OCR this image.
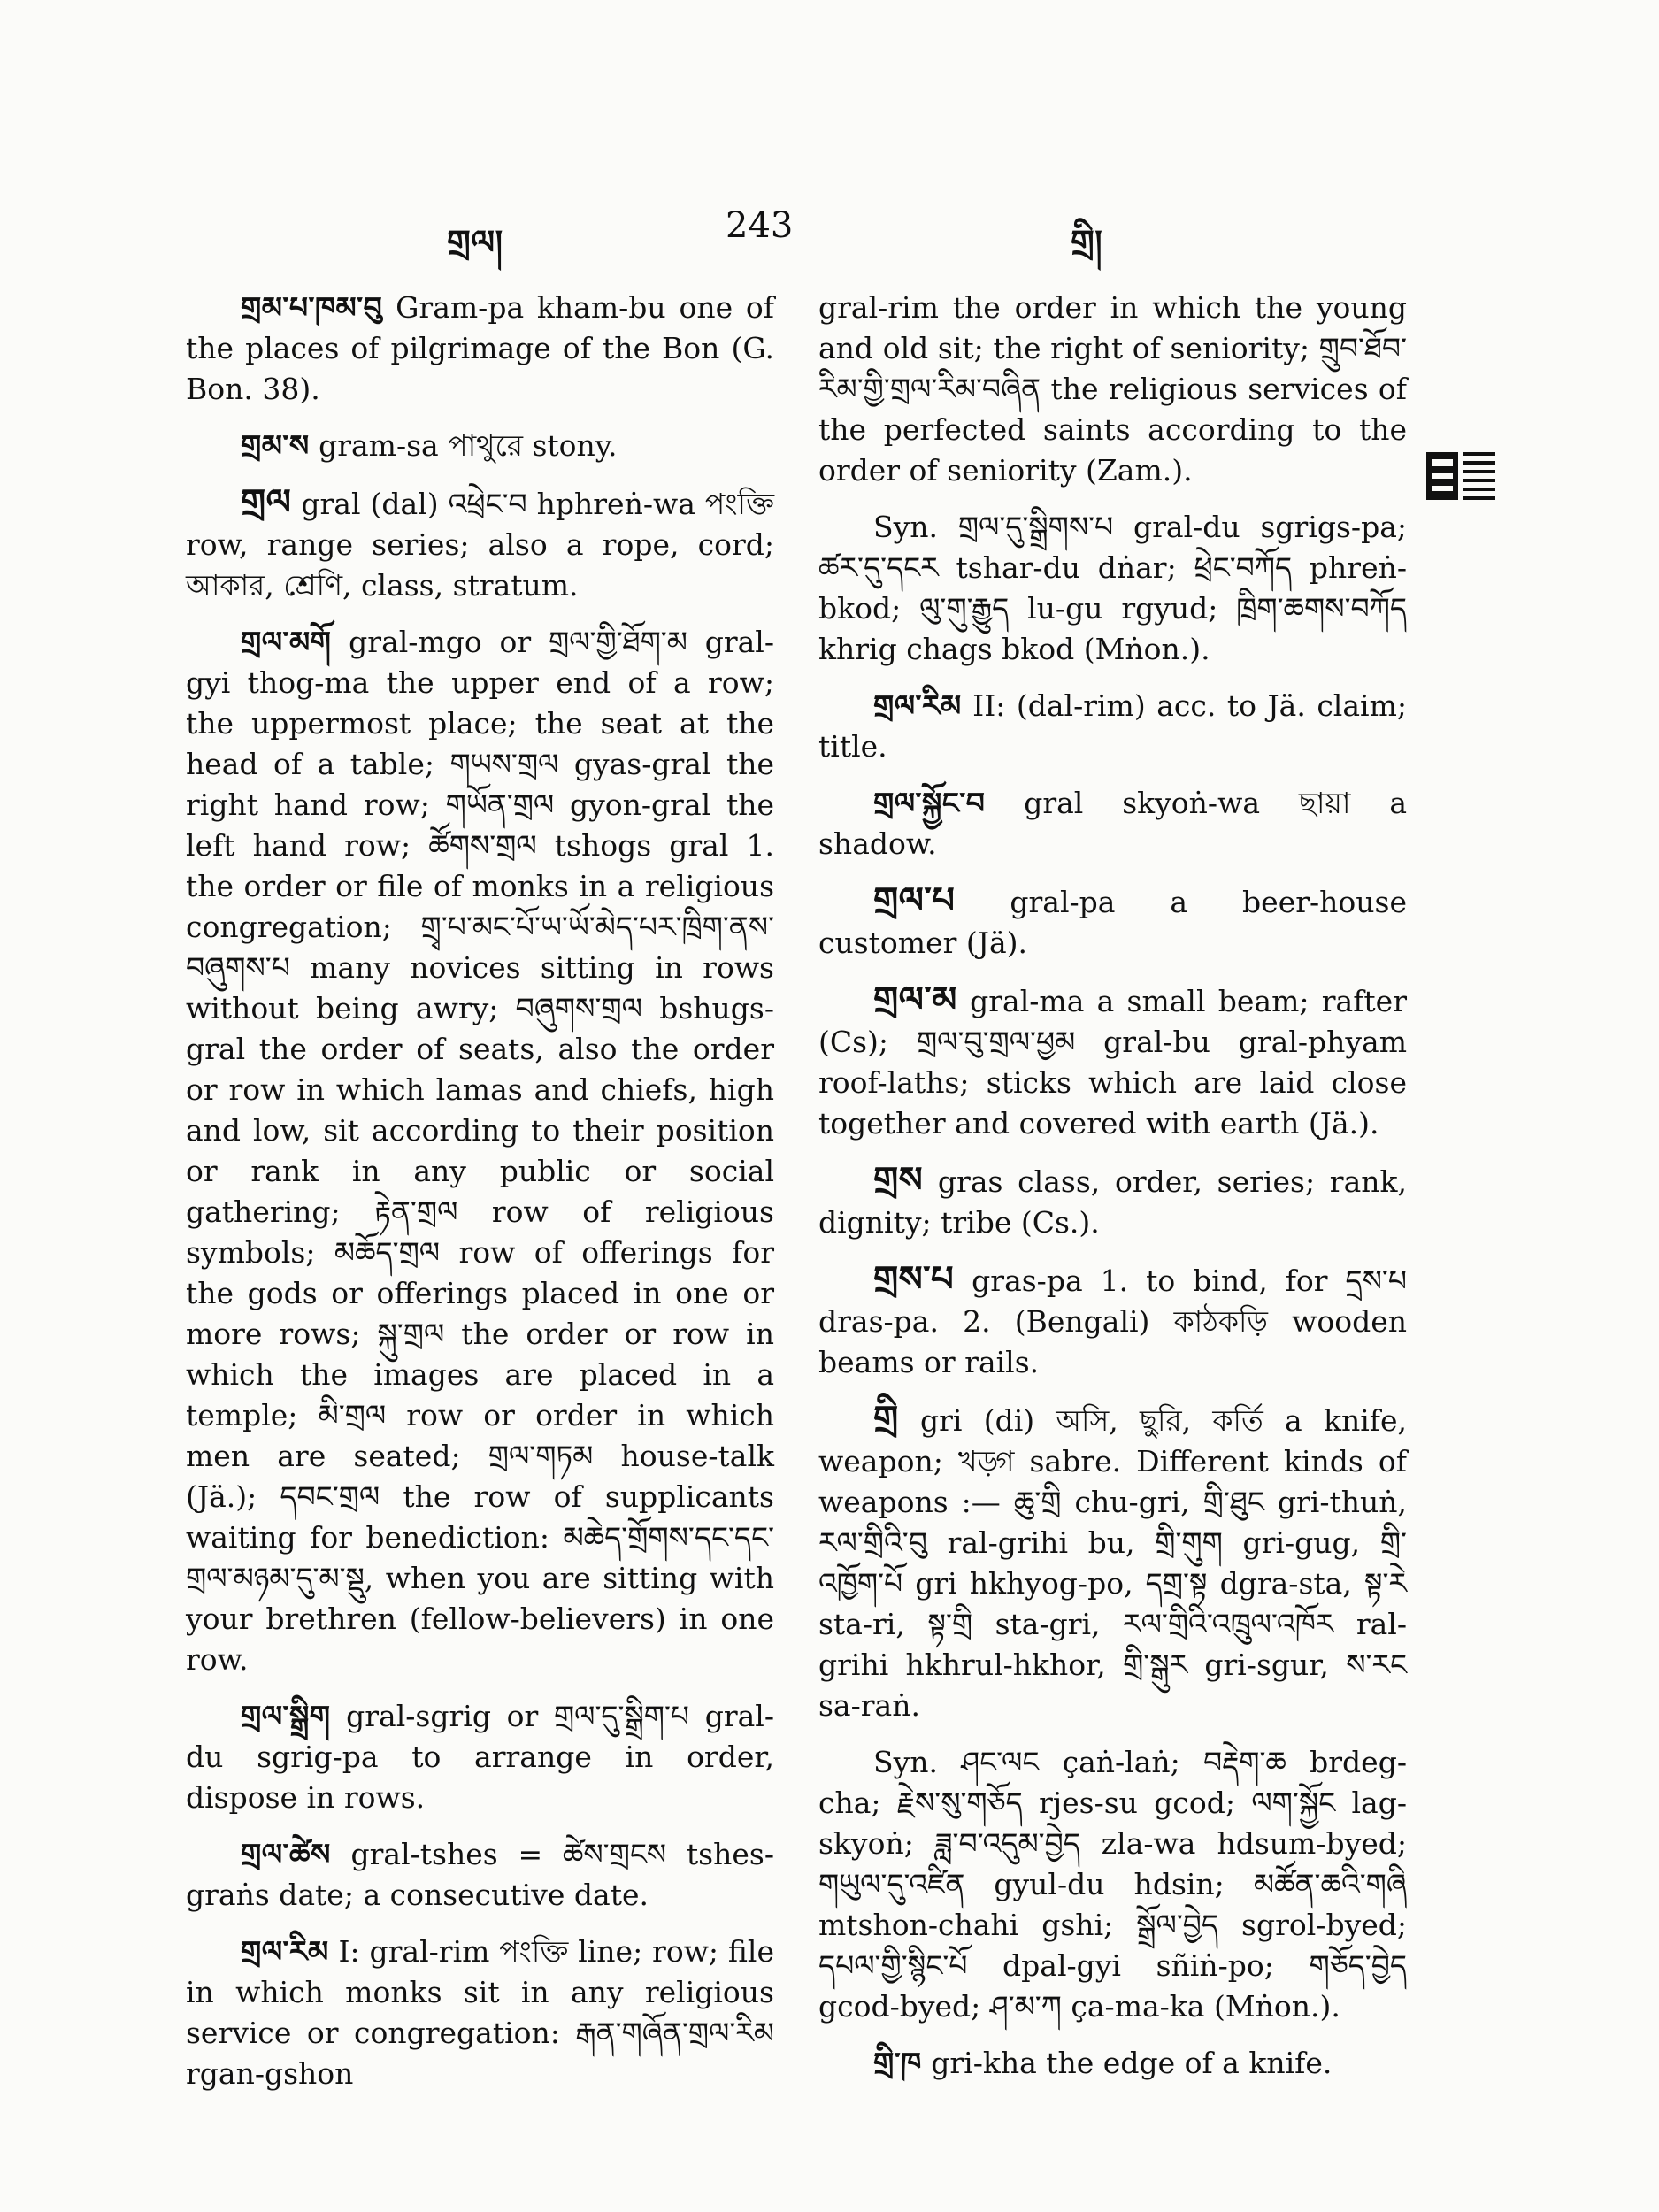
གྲལ།	243	གྲི།

གྲམ་པ་ཁམ་བུ Gram-pa kham-bu one of the places of pilgrimage of the Bon (G. Bon. 38).

གྲམ་ས gram-sa পাথুরে stony.

གྲལ gral (dal) འཕྲེང་བ hphreṅ-wa পংক্তি row, range series; also a rope, cord; আকার, শ্রেণি, class, stratum.

གྲལ་མགོ gral-mgo or གྲལ་གྱི་ཐོག་མ gral-gyi thog-ma the upper end of a row; the uppermost place; the seat at the head of a table; གཡས་གྲལ gyas-gral the right hand row; གཡོན་གྲལ gyon-gral the left hand row; ཚོགས་གྲལ tshogs gral 1. the order or file of monks in a religious congregation; གྲྭ་པ་མང་པོ་ཡ་ཡོ་མེད་པར་ཁྲིག་ནས་བཞུགས་པ many novices sitting in rows without being awry; བཞུགས་གྲལ bshugs-gral the order of seats, also the order or row in which lamas and chiefs, high and low, sit according to their position or rank in any public or social gathering; རྟེན་གྲལ row of religious symbols; མཆོད་གྲལ row of offerings for the gods or offerings placed in one or more rows; སྐུ་གྲལ the order or row in which the images are placed in a temple; མི་གྲལ row or order in which men are seated; གྲལ་གཏམ house-talk (Jä.); དབང་གྲལ the row of supplicants waiting for benediction: མཆེད་གྲོགས་དང་དང་གྲལ་མཉམ་དུ་མ་སྡུ, when you are sitting with your brethren (fellow-believers) in one row.

གྲལ་སྒྲིག gral-sgrig or གྲལ་དུ་སྒྲིག་པ gral-du sgrig-pa to arrange in order, dispose in rows.

གྲལ་ཚེས gral-tshes = ཚེས་གྲངས tshes-graṅs date; a consecutive date.

གྲལ་རིམ I: gral-rim পংক্তি line; row; file in which monks sit in any religious service or congregation: རྒན་གཞོན་གྲལ་རིམ rgan-gshon

gral-rim the order in which the young and old sit; the right of seniority; གྲུབ་ཐོབ་རིམ་གྱི་གྲལ་རིམ་བཞིན the religious services of the perfected saints according to the order of seniority (Zam.).

Syn. གྲལ་དུ་སྒྲིགས་པ gral-du sgrigs-pa; ཚར་དུ་དངར tshar-du dṅar; ཕྲེང་བཀོད phreṅ-bkod; ལུ་གུ་རྒྱུད lu-gu rgyud; ཁྲིག་ཆགས་བཀོད khrig chags bkod (Mṅon.).

གྲལ་རིམ II: (dal-rim) acc. to Jä. claim; title.

གྲལ་སྐྱོང་བ gral skyoṅ-wa ছায়া a shadow.

གྲལ་པ gral-pa a beer-house customer (Jä).

གྲལ་མ gral-ma a small beam; rafter (Cs); གྲལ་བུ་གྲལ་ཕྱམ gral-bu gral-phyam roof-laths; sticks which are laid close together and covered with earth (Jä.).

གྲས gras class, order, series; rank, dignity; tribe (Cs.).

གྲས་པ gras-pa 1. to bind, for དྲས་པ dras-pa. 2. (Bengali) কাঠকড়ি wooden beams or rails.

གྲི gri (di) অসি, ছুরি, কর্তি a knife, weapon; খড়্গ sabre. Different kinds of weapons :— ཆུ་གྲི chu-gri, གྲི་ཐུང gri-thuṅ, རལ་གྲིའི་བུ ral-grihi bu, གྲི་གུག gri-gug, གྲི་འཁྱོག་པོ gri hkhyog-po, དགྲ་སྟ dgra-sta, སྟ་རེ sta-ri, སྟ་གྲི sta-gri, རལ་གྲིའི་འཁྲུལ་འཁོར ral-grihi hkhrul-hkhor, གྲི་སྒུར gri-sgur, ས་རང sa-raṅ.

Syn. ཤང་ལང çaṅ-laṅ; བརྡེག་ཆ brdeg-cha; རྗེས་སུ་གཅོད rjes-su gcod; ལག་སྐྱོང lag-skyoṅ; ཟླ་བ་འདུམ་བྱེད zla-wa hdsum-byed; གཡུལ་དུ་འཛིན gyul-du hdsin; མཚོན་ཆའི་གཞི mtshon-chahi gshi; སྒྲོལ་བྱེད sgrol-byed; དཔལ་གྱི་སྙིང་པོ dpal-gyi sñiṅ-po; གཅོད་བྱེད gcod-byed; ཤ་མ་ཀ ça-ma-ka (Mṅon.).

གྲི་ཁ gri-kha the edge of a knife.
